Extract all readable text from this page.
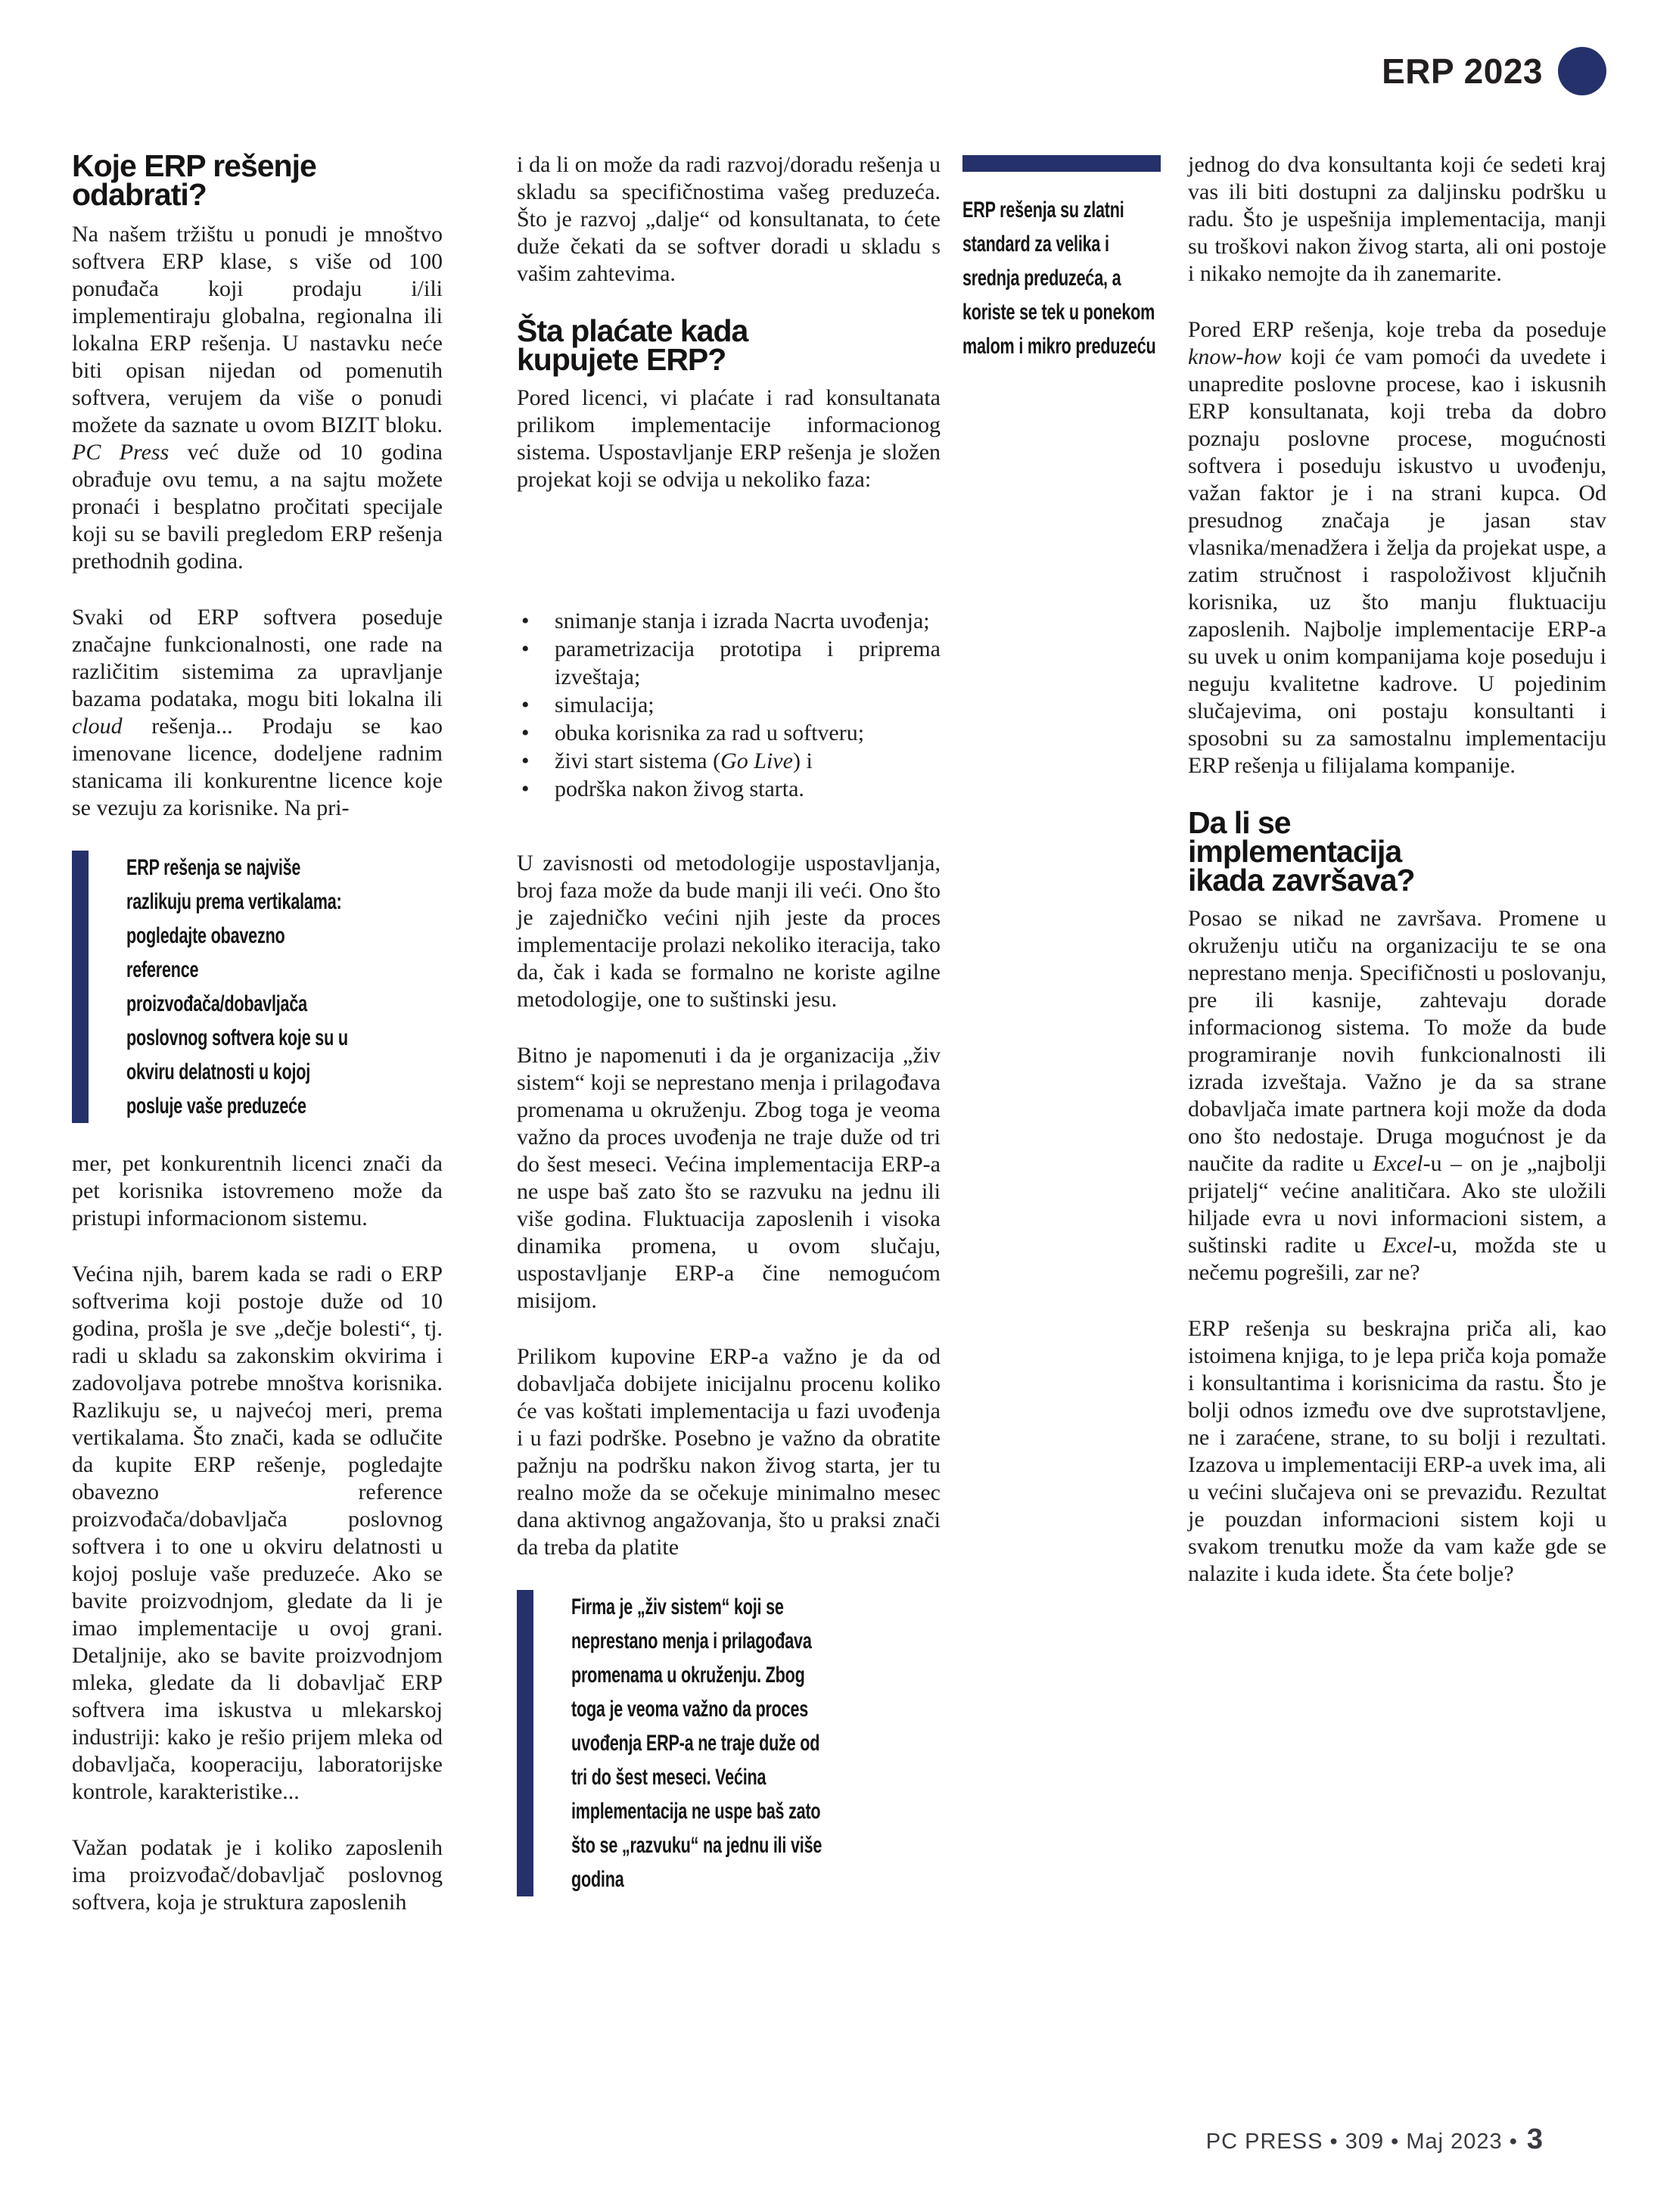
ERP 2023
Koje ERP rešenje
odabrati?

Na našem tržištu u ponudi je mnoštvo softvera ERP klase, s više od 100 ponuđača koji prodaju i/ili implementiraju globalna, regionalna ili lokalna ERP rešenja. U nastavku neće biti opisan nijedan od pomenutih softvera, verujem da više o ponudi možete da saznate u ovom BIZIT bloku. PC Press već duže od 10 godina obrađuje ovu temu, a na sajtu možete pronaći i besplatno pročitati specijale koji su se bavili pregledom ERP rešenja prethodnih godina.

Svaki od ERP softvera poseduje značajne funkcionalnosti, one rade na različitim sistemima za upravljanje bazama podataka, mogu biti lokalna ili cloud rešenja... Prodaju se kao imenovane licence, dodeljene radnim stanicama ili konkurentne licence koje se vezuju za korisnike. Na pri-

ERP rešenja se najviše razlikuju prema vertikalama: pogledajte obavezno reference proizvođača/dobavljača poslovnog softvera koje su u okviru delatnosti u kojoj posluje vaše preduzeće

mer, pet konkurentnih licenci znači da pet korisnika istovremeno može da pristupi informacionom sistemu.

Većina njih, barem kada se radi o ERP softverima koji postoje duže od 10 godina, prošla je sve „dečje bolesti“, tj. radi u skladu sa zakonskim okvirima i zadovoljava potrebe mnoštva korisnika. Razlikuju se, u najvećoj meri, prema vertikalama. Što znači, kada se odlučite da kupite ERP rešenje, pogledajte obavezno reference proizvođača/dobavljača poslovnog softvera i to one u okviru delatnosti u kojoj posluje vaše preduzeće. Ako se bavite proizvodnjom, gledate da li je imao implementacije u ovoj grani. Detaljnije, ako se bavite proizvodnjom mleka, gledate da li dobavljač ERP softvera ima iskustva u mlekarskoj industriji: kako je rešio prijem mleka od dobavljača, kooperaciju, laboratorijske kontrole, karakteristike...

Važan podatak je i koliko zaposlenih ima proizvođač/dobavljač poslovnog softvera, koja je struktura zaposlenih

i da li on može da radi razvoj/doradu rešenja u skladu sa specifičnostima vašeg preduzeća. Što je razvoj „dalje“ od konsultanata, to ćete duže čekati da se softver doradi u skladu s vašim zahtevima.

Šta plaćate kada
kupujete ERP?

Pored licenci, vi plaćate i rad konsultanata prilikom implementacije informacionog sistema. Uspostavljanje ERP rešenja je složen projekat koji se odvija u nekoliko faza:

• snimanje stanja i izrada Nacrta uvođenja;
• parametrizacija prototipa i priprema izveštaja;
• simulacija;
• obuka korisnika za rad u softveru;
• živi start sistema (Go Live) i
• podrška nakon živog starta.

U zavisnosti od metodologije uspostavljanja, broj faza može da bude manji ili veći. Ono što je zajedničko većini njih jeste da proces implementacije prolazi nekoliko iteracija, tako da, čak i kada se formalno ne koriste agilne metodologije, one to suštinski jesu.

Bitno je napomenuti i da je organizacija „živ sistem“ koji se neprestano menja i prilagođava promenama u okruženju. Zbog toga je veoma važno da proces uvođenja ne traje duže od tri do šest meseci. Većina implementacija ERP-a ne uspe baš zato što se razvuku na jednu ili više godina. Fluktuacija zaposlenih i visoka dinamika promena, u ovom slučaju, uspostavljanje ERP-a čine nemogućom misijom.

Prilikom kupovine ERP-a važno je da od dobavljača dobijete inicijalnu procenu koliko će vas koštati implementacija u fazi uvođenja i u fazi podrške. Posebno je važno da obratite pažnju na podršku nakon živog starta, jer tu realno može da se očekuje minimalno mesec dana aktivnog angažovanja, što u praksi znači da treba da platite

Firma je „živ sistem“ koji se neprestano menja i prilagođava promenama u okruženju. Zbog toga je veoma važno da proces uvođenja ERP-a ne traje duže od tri do šest meseci. Većina implementacija ne uspe baš zato što se „razvuku“ na jednu ili više godina
ERP rešenja su zlatni standard za velika i srednja preduzeća, a koriste se tek u ponekom malom i mikro preduzeću

jednog do dva konsultanta koji će sedeti kraj vas ili biti dostupni za daljinsku podršku u radu. Što je uspešnija implementacija, manji su troškovi nakon živog starta, ali oni postoje i nikako nemojte da ih zanemarite.

Pored ERP rešenja, koje treba da poseduje know-how koji će vam pomoći da uvedete i unapredite poslovne procese, kao i iskusnih ERP konsultanata, koji treba da dobro poznaju poslovne procese, mogućnosti softvera i poseduju iskustvo u uvođenju, važan faktor je i na strani kupca. Od presudnog značaja je jasan stav vlasnika/menadžera i želja da projekat uspe, a zatim stručnost i raspoloživost ključnih korisnika, uz što manju fluktuaciju zaposlenih. Najbolje implementacije ERP-a su uvek u onim kompanijama koje poseduju i neguju kvalitetne kadrove. U pojedinim slučajevima, oni postaju konsultanti i sposobni su za samostalnu implementaciju ERP rešenja u filijalama kompanije.

Da li se
implementacija
ikada završava?

Posao se nikad ne završava. Promene u okruženju utiču na organizaciju te se ona neprestano menja. Specifičnosti u poslovanju, pre ili kasnije, zahtevaju dorade informacionog sistema. To može da bude programiranje novih funkcionalnosti ili izrada izveštaja. Važno je da sa strane dobavljača imate partnera koji može da doda ono što nedostaje. Druga mogućnost je da naučite da radite u Excel-u – on je „najbolji prijatelj“ većine analitičara. Ako ste uložili hiljade evra u novi informacioni sistem, a suštinski radite u Excel-u, možda ste u nečemu pogrešili, zar ne?

ERP rešenja su beskrajna priča ali, kao istoimena knjiga, to je lepa priča koja pomaže i konsultantima i korisnicima da rastu. Što je bolji odnos između ove dve suprotstavljene, ne i zaraćene, strane, to su bolji i rezultati. Izazova u implementaciji ERP-a uvek ima, ali u većini slučajeva oni se prevaziđu. Rezultat je pouzdan informacioni sistem koji u svakom trenutku može da vam kaže gde se nalazite i kuda idete. Šta ćete bolje?

PC PRESS • 309 • Maj 2023 • 3
